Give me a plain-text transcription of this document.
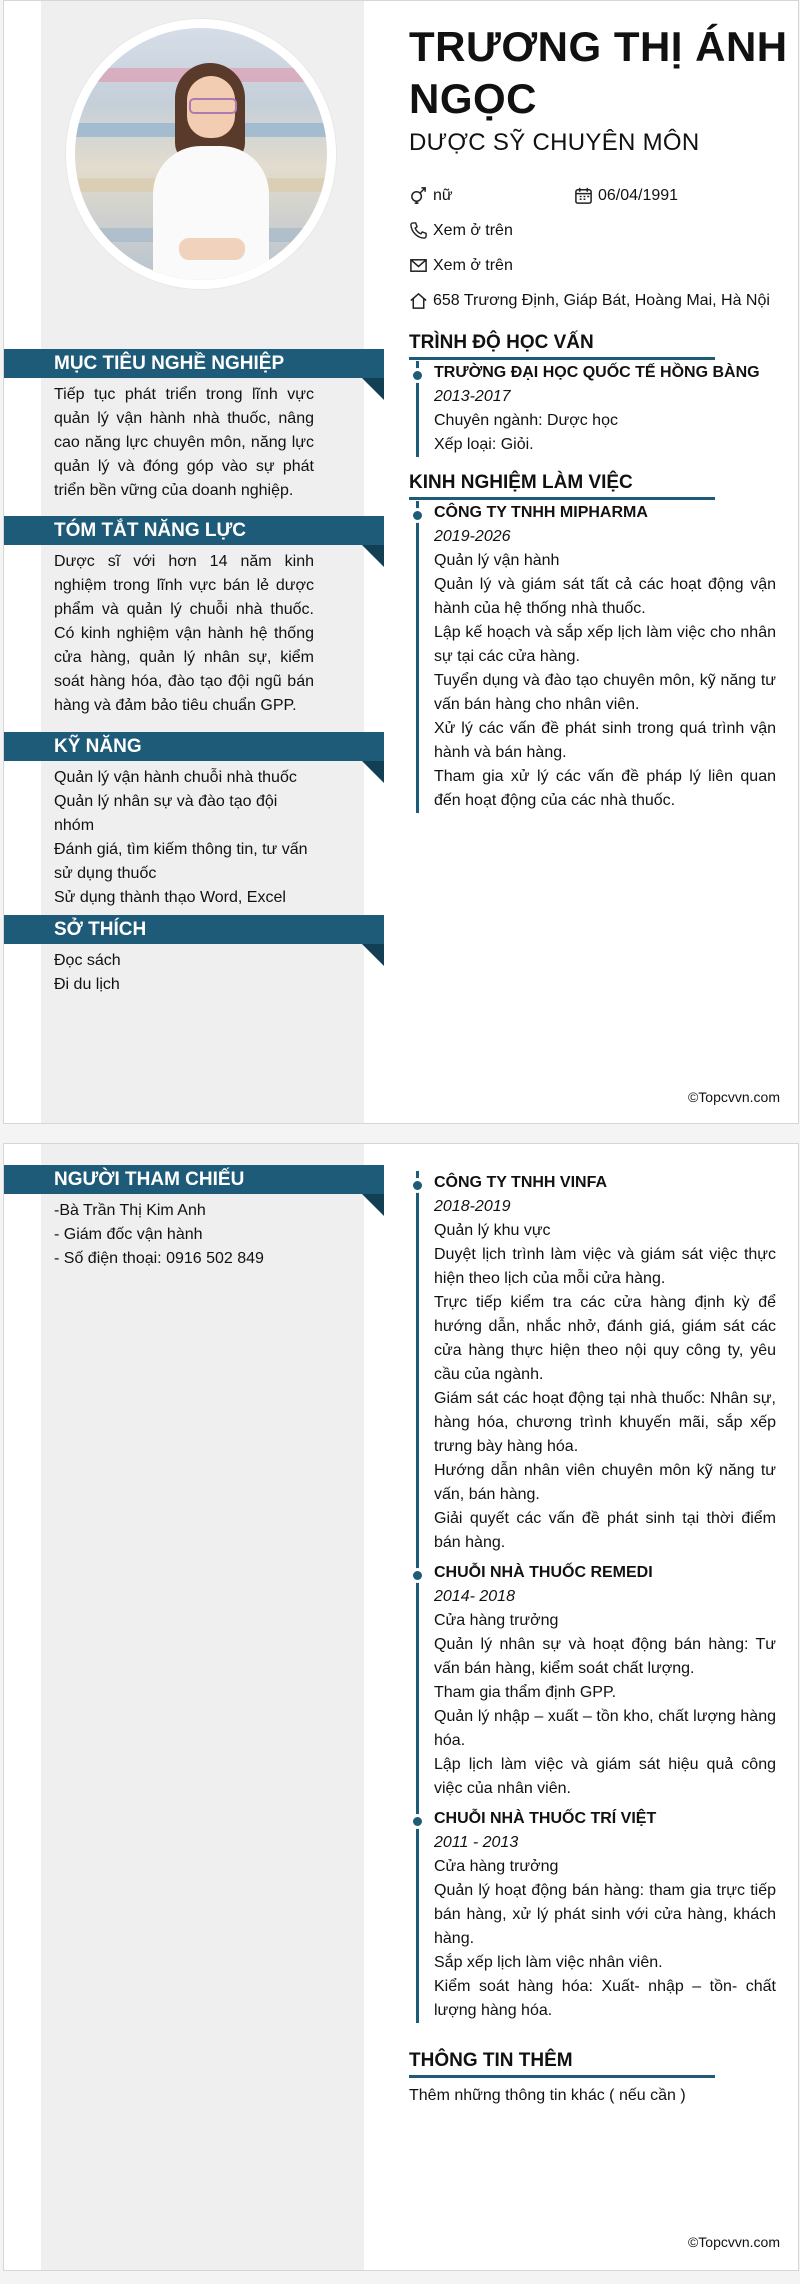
TRƯƠNG THỊ ÁNH NGỌC
DƯỢC SỸ CHUYÊN MÔN
nữ	06/04/1991
Xem ở trên
Xem ở trên
658 Trương Định, Giáp Bát, Hoàng Mai, Hà Nội
MỤC TIÊU NGHỀ NGHIỆP

Tiếp tục phát triển trong lĩnh vực quản lý vận hành nhà thuốc, nâng cao năng lực chuyên môn, năng lực quản lý và đóng góp vào sự phát triển bền vững của doanh nghiệp.

TÓM TẮT NĂNG LỰC

Dược sĩ với hơn 14 năm kinh nghiệm trong lĩnh vực bán lẻ dược phẩm và quản lý chuỗi nhà thuốc. Có kinh nghiệm vận hành hệ thống cửa hàng, quản lý nhân sự, kiểm soát hàng hóa, đào tạo đội ngũ bán hàng và đảm bảo tiêu chuẩn GPP.

KỸ NĂNG

Quản lý vận hành chuỗi nhà thuốc

Quản lý nhân sự và đào tạo đội nhóm

Đánh giá, tìm kiếm thông tin, tư vấn sử dụng thuốc

Sử dụng thành thạo Word, Excel

SỞ THÍCH

Đọc sách

Đi du lịch

TRÌNH ĐỘ HỌC VẤN

TRƯỜNG ĐẠI HỌC QUỐC TẾ HỒNG BÀNG

2013-2017

Chuyên ngành: Dược học

Xếp loại: Giỏi.

KINH NGHIỆM LÀM VIỆC

CÔNG TY TNHH MIPHARMA

2019-2026

Quản lý vận hành

Quản lý và giám sát tất cả các hoạt động vận hành của hệ thống nhà thuốc.

Lập kế hoạch và sắp xếp lịch làm việc cho nhân sự tại các cửa hàng.

Tuyển dụng và đào tạo chuyên môn, kỹ năng tư vấn bán hàng cho nhân viên.

Xử lý các vấn đề phát sinh trong quá trình vận hành và bán hàng.

Tham gia xử lý các vấn đề pháp lý liên quan đến hoạt động của các nhà thuốc.

©Topcvvn.com
NGƯỜI THAM CHIẾU

-Bà Trần Thị Kim Anh

- Giám đốc vận hành

- Số điện thoại: 0916 502 849

CÔNG TY TNHH VINFA

2018-2019

Quản lý khu vực

Duyệt lịch trình làm việc và giám sát việc thực hiện theo lịch của mỗi cửa hàng.

Trực tiếp kiểm tra các cửa hàng định kỳ để hướng dẫn, nhắc nhở, đánh giá, giám sát các cửa hàng thực hiện theo nội quy công ty, yêu cầu của ngành.

Giám sát các hoạt động tại nhà thuốc: Nhân sự, hàng hóa, chương trình khuyến mãi, sắp xếp trưng bày hàng hóa.

Hướng dẫn nhân viên chuyên môn kỹ năng tư vấn, bán hàng.

Giải quyết các vấn đề phát sinh tại thời điểm bán hàng.

CHUỖI NHÀ THUỐC REMEDI

2014- 2018

Cửa hàng trưởng

Quản lý nhân sự và hoạt động bán hàng: Tư vấn bán hàng, kiểm soát chất lượng.

Tham gia thẩm định GPP.

Quản lý nhập – xuất – tồn kho, chất lượng hàng hóa.

Lập lịch làm việc và giám sát hiệu quả công việc của nhân viên.

CHUỖI NHÀ THUỐC TRÍ VIỆT

2011 - 2013

Cửa hàng trưởng

Quản lý hoạt động bán hàng: tham gia trực tiếp bán hàng, xử lý phát sinh với cửa hàng, khách hàng.

Sắp xếp lịch làm việc nhân viên.

Kiểm soát hàng hóa: Xuất- nhập – tồn- chất lượng hàng hóa.

THÔNG TIN THÊM

Thêm những thông tin khác ( nếu cần )

©Topcvvn.com
